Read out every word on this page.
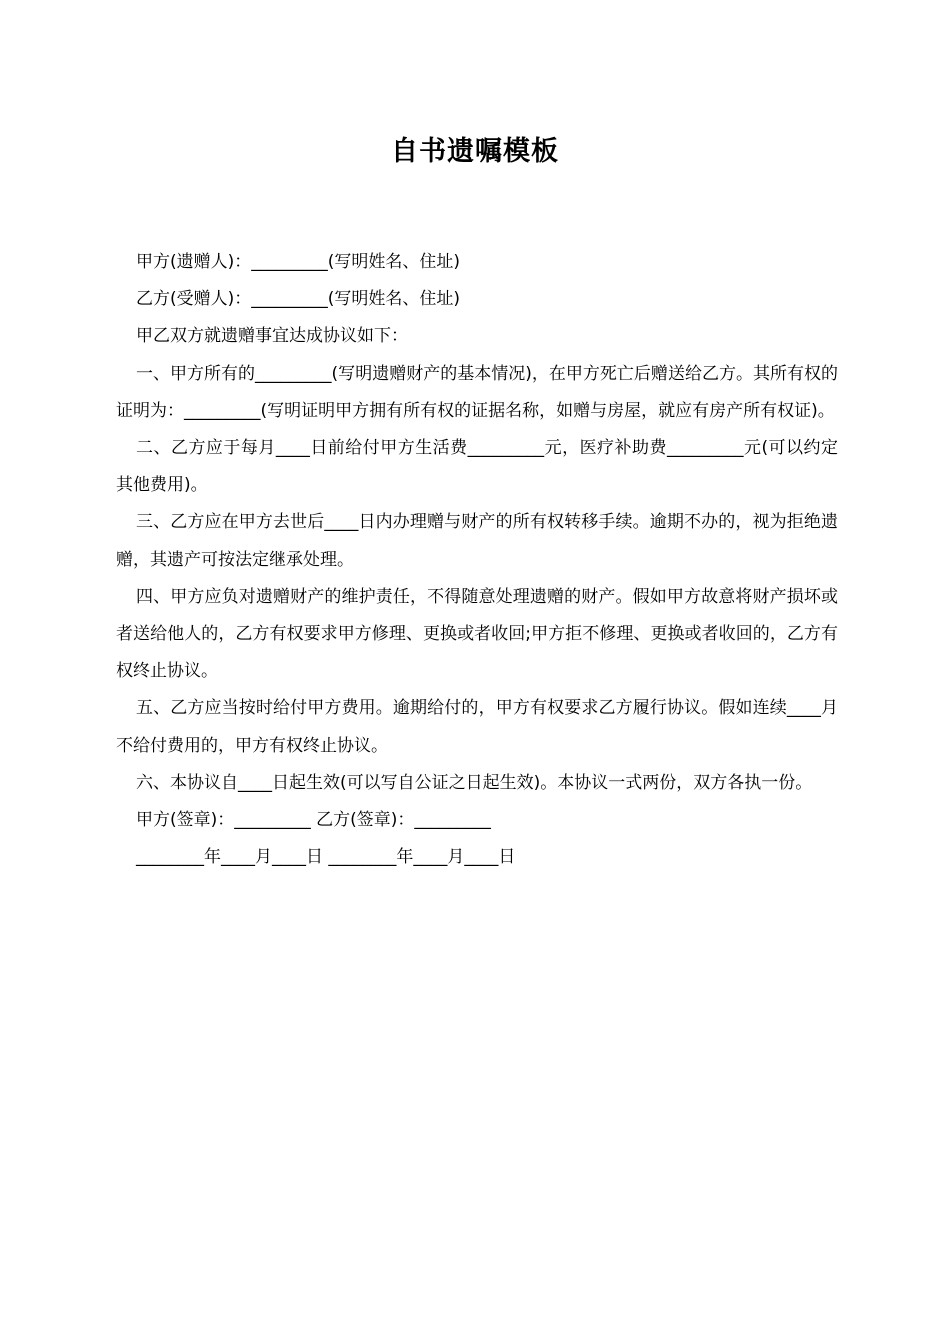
自书遗嘱模板

甲方(遗赠人)：_________(写明姓名、住址)

乙方(受赠人)：_________(写明姓名、住址)

甲乙双方就遗赠事宜达成协议如下：

一、甲方所有的_________(写明遗赠财产的基本情况)，在甲方死亡后赠送给乙方。其所有权的证明为：_________(写明证明甲方拥有所有权的证据名称，如赠与房屋，就应有房产所有权证)。

二、乙方应于每月____日前给付甲方生活费_________元，医疗补助费_________元(可以约定其他费用)。

三、乙方应在甲方去世后____日内办理赠与财产的所有权转移手续。逾期不办的，视为拒绝遗赠，其遗产可按法定继承处理。

四、甲方应负对遗赠财产的维护责任，不得随意处理遗赠的财产。假如甲方故意将财产损坏或者送给他人的，乙方有权要求甲方修理、更换或者收回;甲方拒不修理、更换或者收回的，乙方有权终止协议。

五、乙方应当按时给付甲方费用。逾期给付的，甲方有权要求乙方履行协议。假如连续____月不给付费用的，甲方有权终止协议。

六、本协议自____日起生效(可以写自公证之日起生效)。本协议一式两份，双方各执一份。

甲方(签章)：_________ 乙方(签章)：_________

________年____月____日 ________年____月____日
